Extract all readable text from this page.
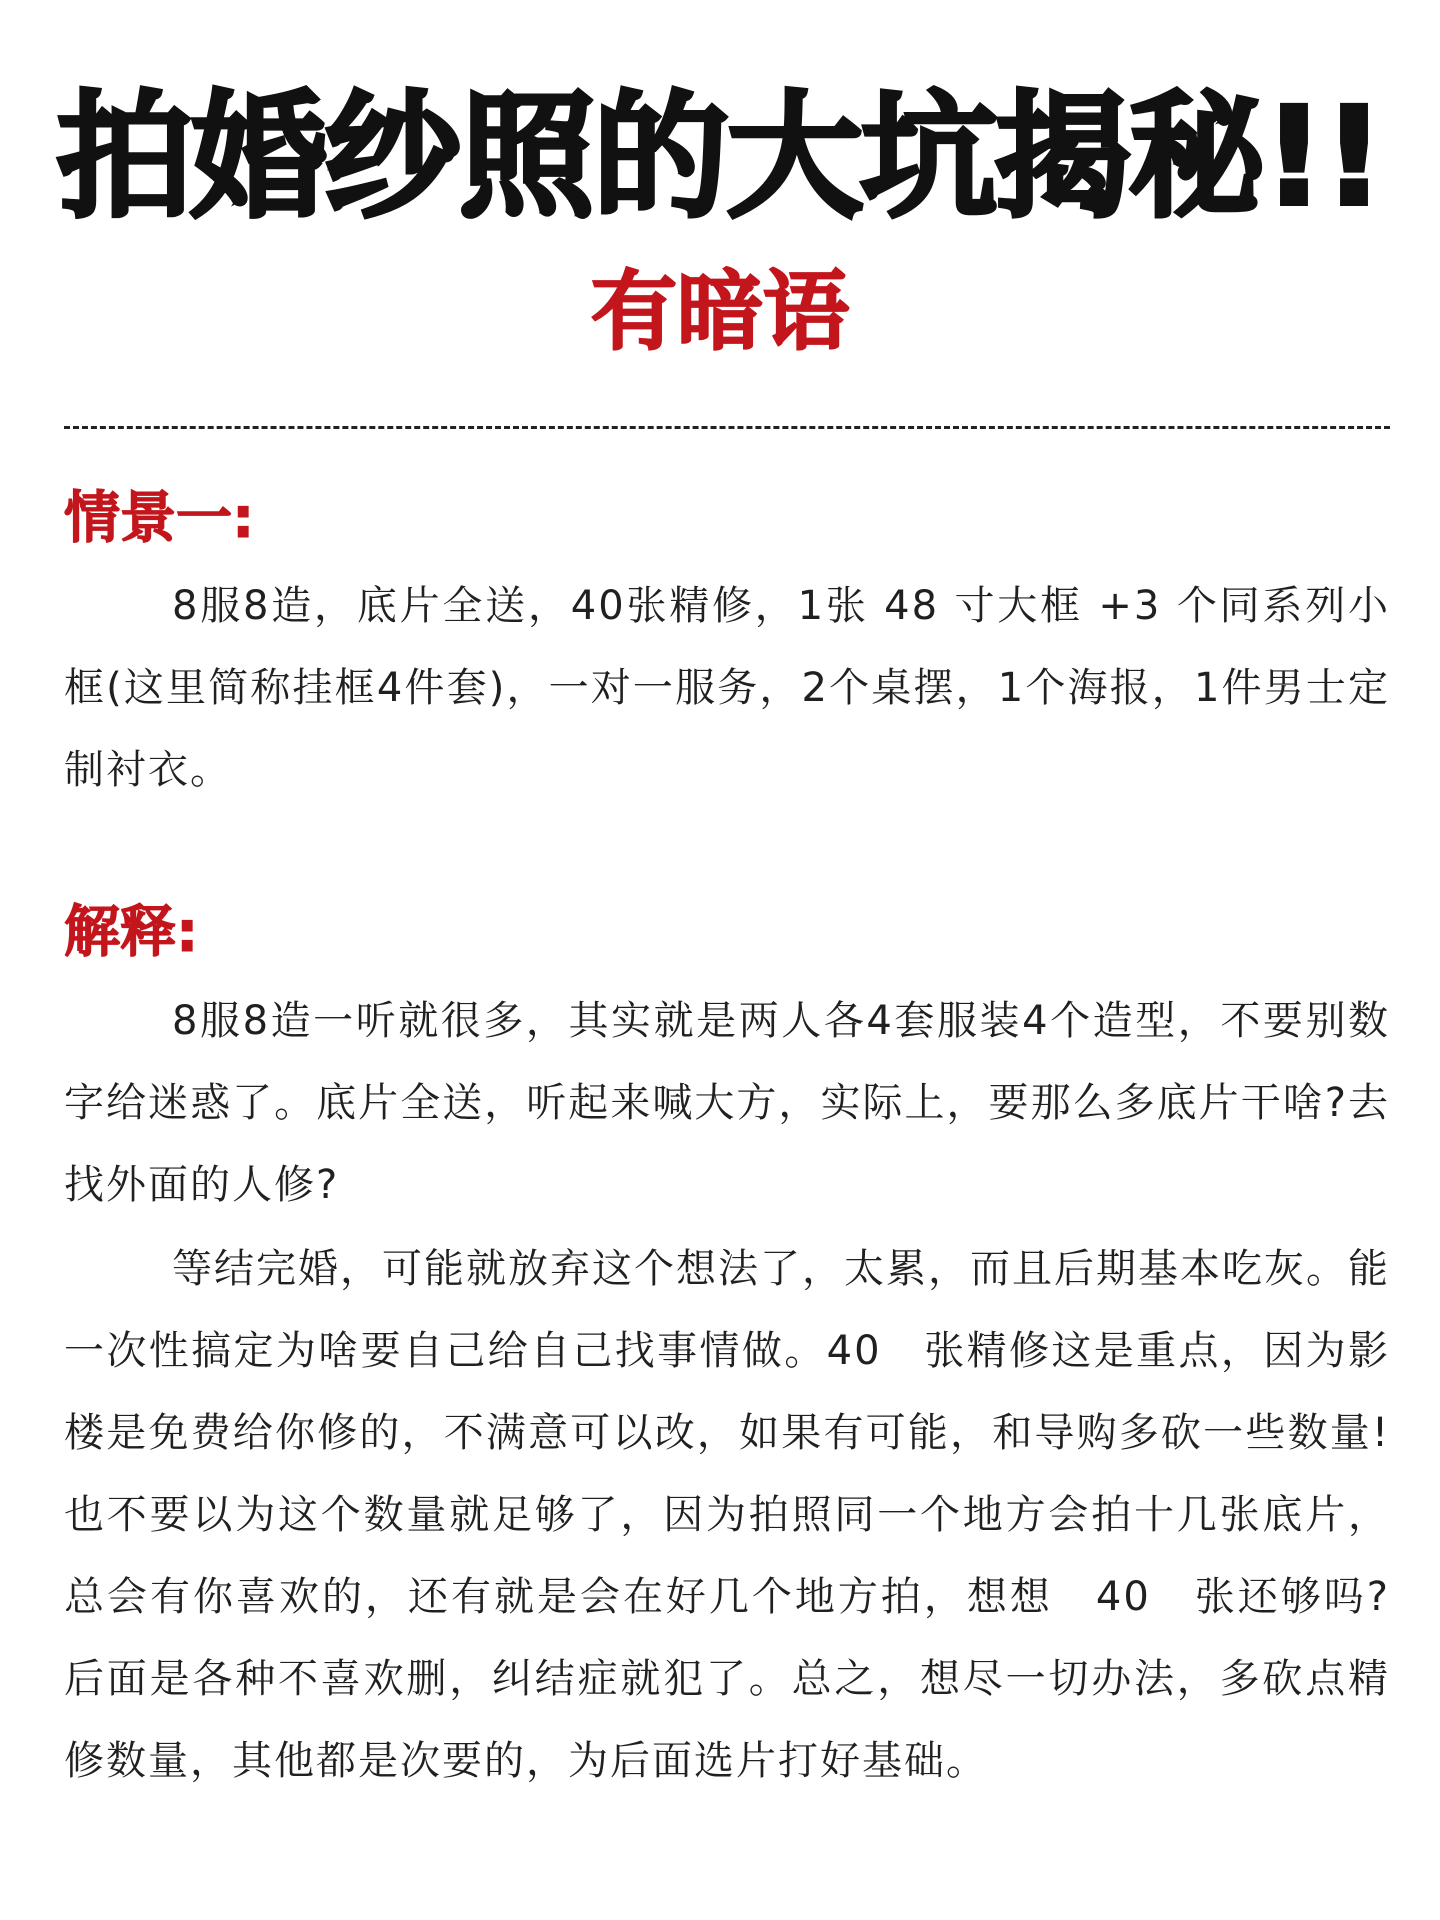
拍婚纱照的大坑揭秘!!
有暗语
情景一:
8服8造，底片全送，40张精修，1张 48 寸大框 +3 个同系列小框(这里简称挂框4件套)，一对一服务，2个桌摆，1个海报，1件男士定制衬衣。
解释:
8服8造一听就很多，其实就是两人各4套服装4个造型，不要别数字给迷惑了。底片全送，听起来喊大方，实际上，要那么多底片干啥?去找外面的人修?
等结完婚，可能就放弃这个想法了，太累，而且后期基本吃灰。能一次性搞定为啥要自己给自己找事情做。40　张精修这是重点，因为影楼是免费给你修的，不满意可以改，如果有可能，和导购多砍一些数量!也不要以为这个数量就足够了，因为拍照同一个地方会拍十几张底片，总会有你喜欢的，还有就是会在好几个地方拍，想想　40　张还够吗?后面是各种不喜欢删，纠结症就犯了。总之，想尽一切办法，多砍点精修数量，其他都是次要的，为后面选片打好基础。
